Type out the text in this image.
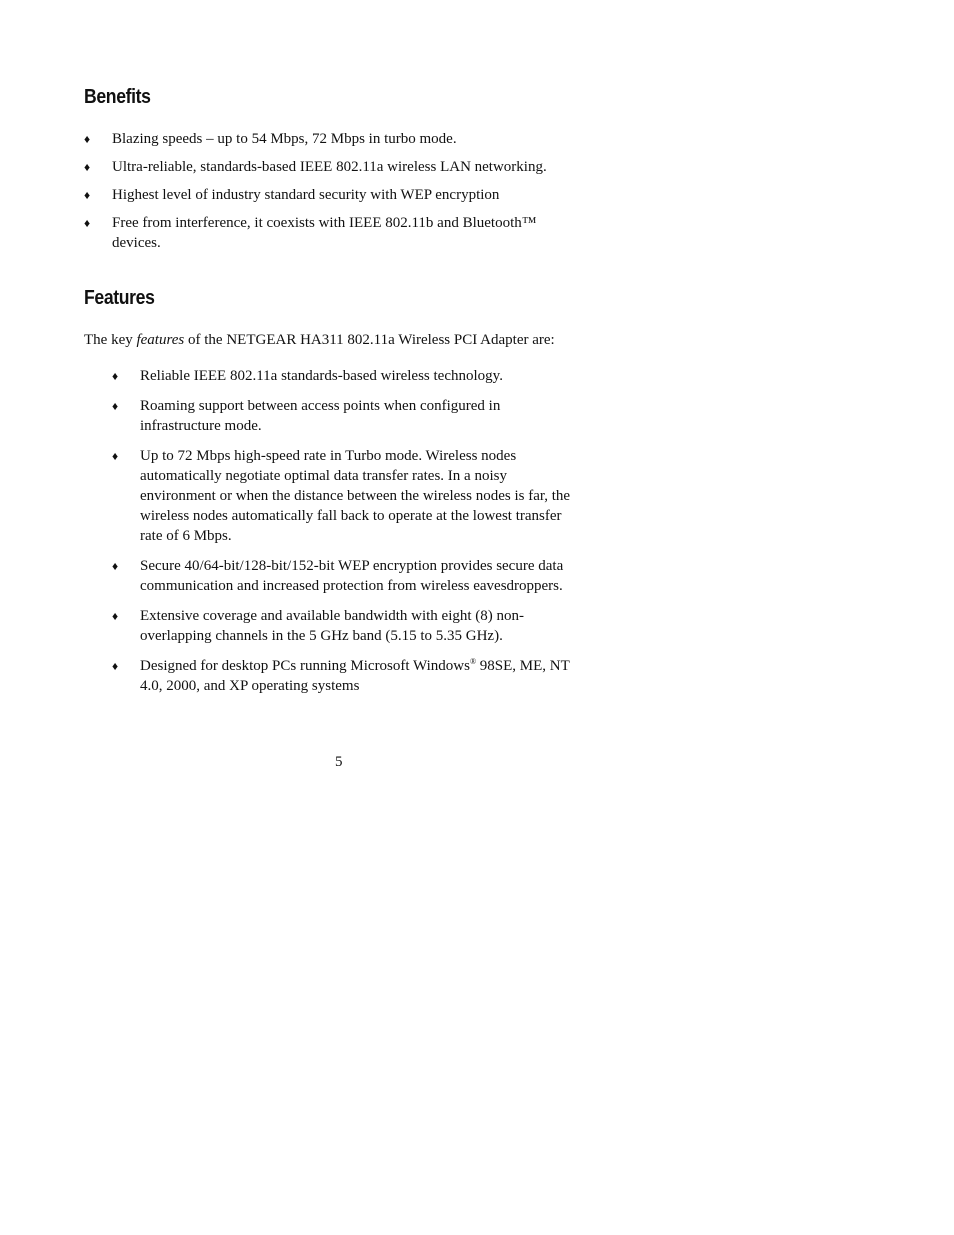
Benefits
♦ Blazing speeds – up to 54 Mbps, 72 Mbps in turbo mode.
♦ Ultra-reliable, standards-based IEEE 802.11a wireless LAN networking.
♦ Highest level of industry standard security with WEP encryption
♦ Free from interference, it coexists with IEEE 802.11b and Bluetooth™ devices.
Features

The key features of the NETGEAR HA311 802.11a Wireless PCI Adapter are:

♦ Reliable IEEE 802.11a standards-based wireless technology.
♦ Roaming support between access points when configured in infrastructure mode.
♦ Up to 72 Mbps high-speed rate in Turbo mode. Wireless nodes automatically negotiate optimal data transfer rates. In a noisy environment or when the distance between the wireless nodes is far, the wireless nodes automatically fall back to operate at the lowest transfer rate of 6 Mbps.
♦ Secure 40/64-bit/128-bit/152-bit WEP encryption provides secure data communication and increased protection from wireless eavesdroppers.
♦ Extensive coverage and available bandwidth with eight (8) non-overlapping channels in the 5 GHz band (5.15 to 5.35 GHz).
♦ Designed for desktop PCs running Microsoft Windows® 98SE, ME, NT 4.0, 2000, and XP operating systems
5
